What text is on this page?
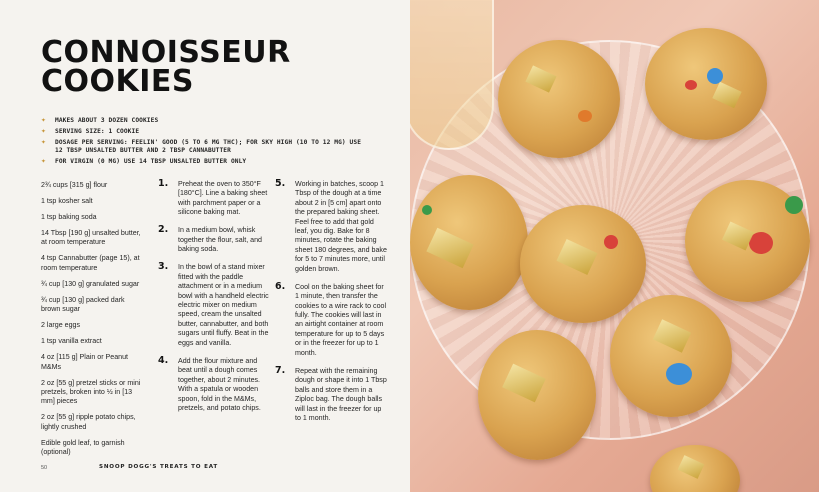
CONNOISSEUR
COOKIES
✦ MAKES ABOUT 3 DOZEN COOKIES
✦ SERVING SIZE: 1 COOKIE
✦ DOSAGE PER SERVING: FEELIN' GOOD (5 TO 6 MG THC); FOR SKY HIGH (10 TO 12 MG) USE 12 TBSP UNSALTED BUTTER AND 2 TBSP CANNABUTTER
✦ FOR VIRGIN (0 MG) USE 14 TBSP UNSALTED BUTTER ONLY
2¾ cups [315 g] flour
1 tsp kosher salt
1 tsp baking soda
14 Tbsp [190 g] unsalted butter, at room temperature
4 tsp Cannabutter (page 15), at room temperature
¾ cup [130 g] granulated sugar
¾ cup [130 g] packed dark brown sugar
2 large eggs
1 tsp vanilla extract
4 oz [115 g] Plain or Peanut M&Ms
2 oz [55 g] pretzel sticks or mini pretzels, broken into ½ in [13 mm] pieces
2 oz [55 g] ripple potato chips, lightly crushed
Edible gold leaf, to garnish (optional)
1. Preheat the oven to 350°F [180°C]. Line a baking sheet with parchment paper or a silicone baking mat.
2. In a medium bowl, whisk together the flour, salt, and baking soda.
3. In the bowl of a stand mixer fitted with the paddle attachment or in a medium bowl with a handheld electric electric mixer on medium speed, cream the unsalted butter, cannabutter, and both sugars until fluffy. Beat in the eggs and vanilla.
4. Add the flour mixture and beat until a dough comes together, about 2 minutes. With a spatula or wooden spoon, fold in the M&Ms, pretzels, and potato chips.
5. Working in batches, scoop 1 Tbsp of the dough at a time about 2 in [5 cm] apart onto the prepared baking sheet. Feel free to add that gold leaf, you dig. Bake for 8 minutes, rotate the baking sheet 180 degrees, and bake for 5 to 7 minutes more, until golden brown.
6. Cool on the baking sheet for 1 minute, then transfer the cookies to a wire rack to cool fully. The cookies will last in an airtight container at room temperature for up to 5 days or in the freezer for up to 1 month.
7. Repeat with the remaining dough or shape it into 1 Tbsp balls and store them in a Ziploc bag. The dough balls will last in the freezer for up to 1 month.
50	SNOOP DOGG'S TREATS TO EAT
